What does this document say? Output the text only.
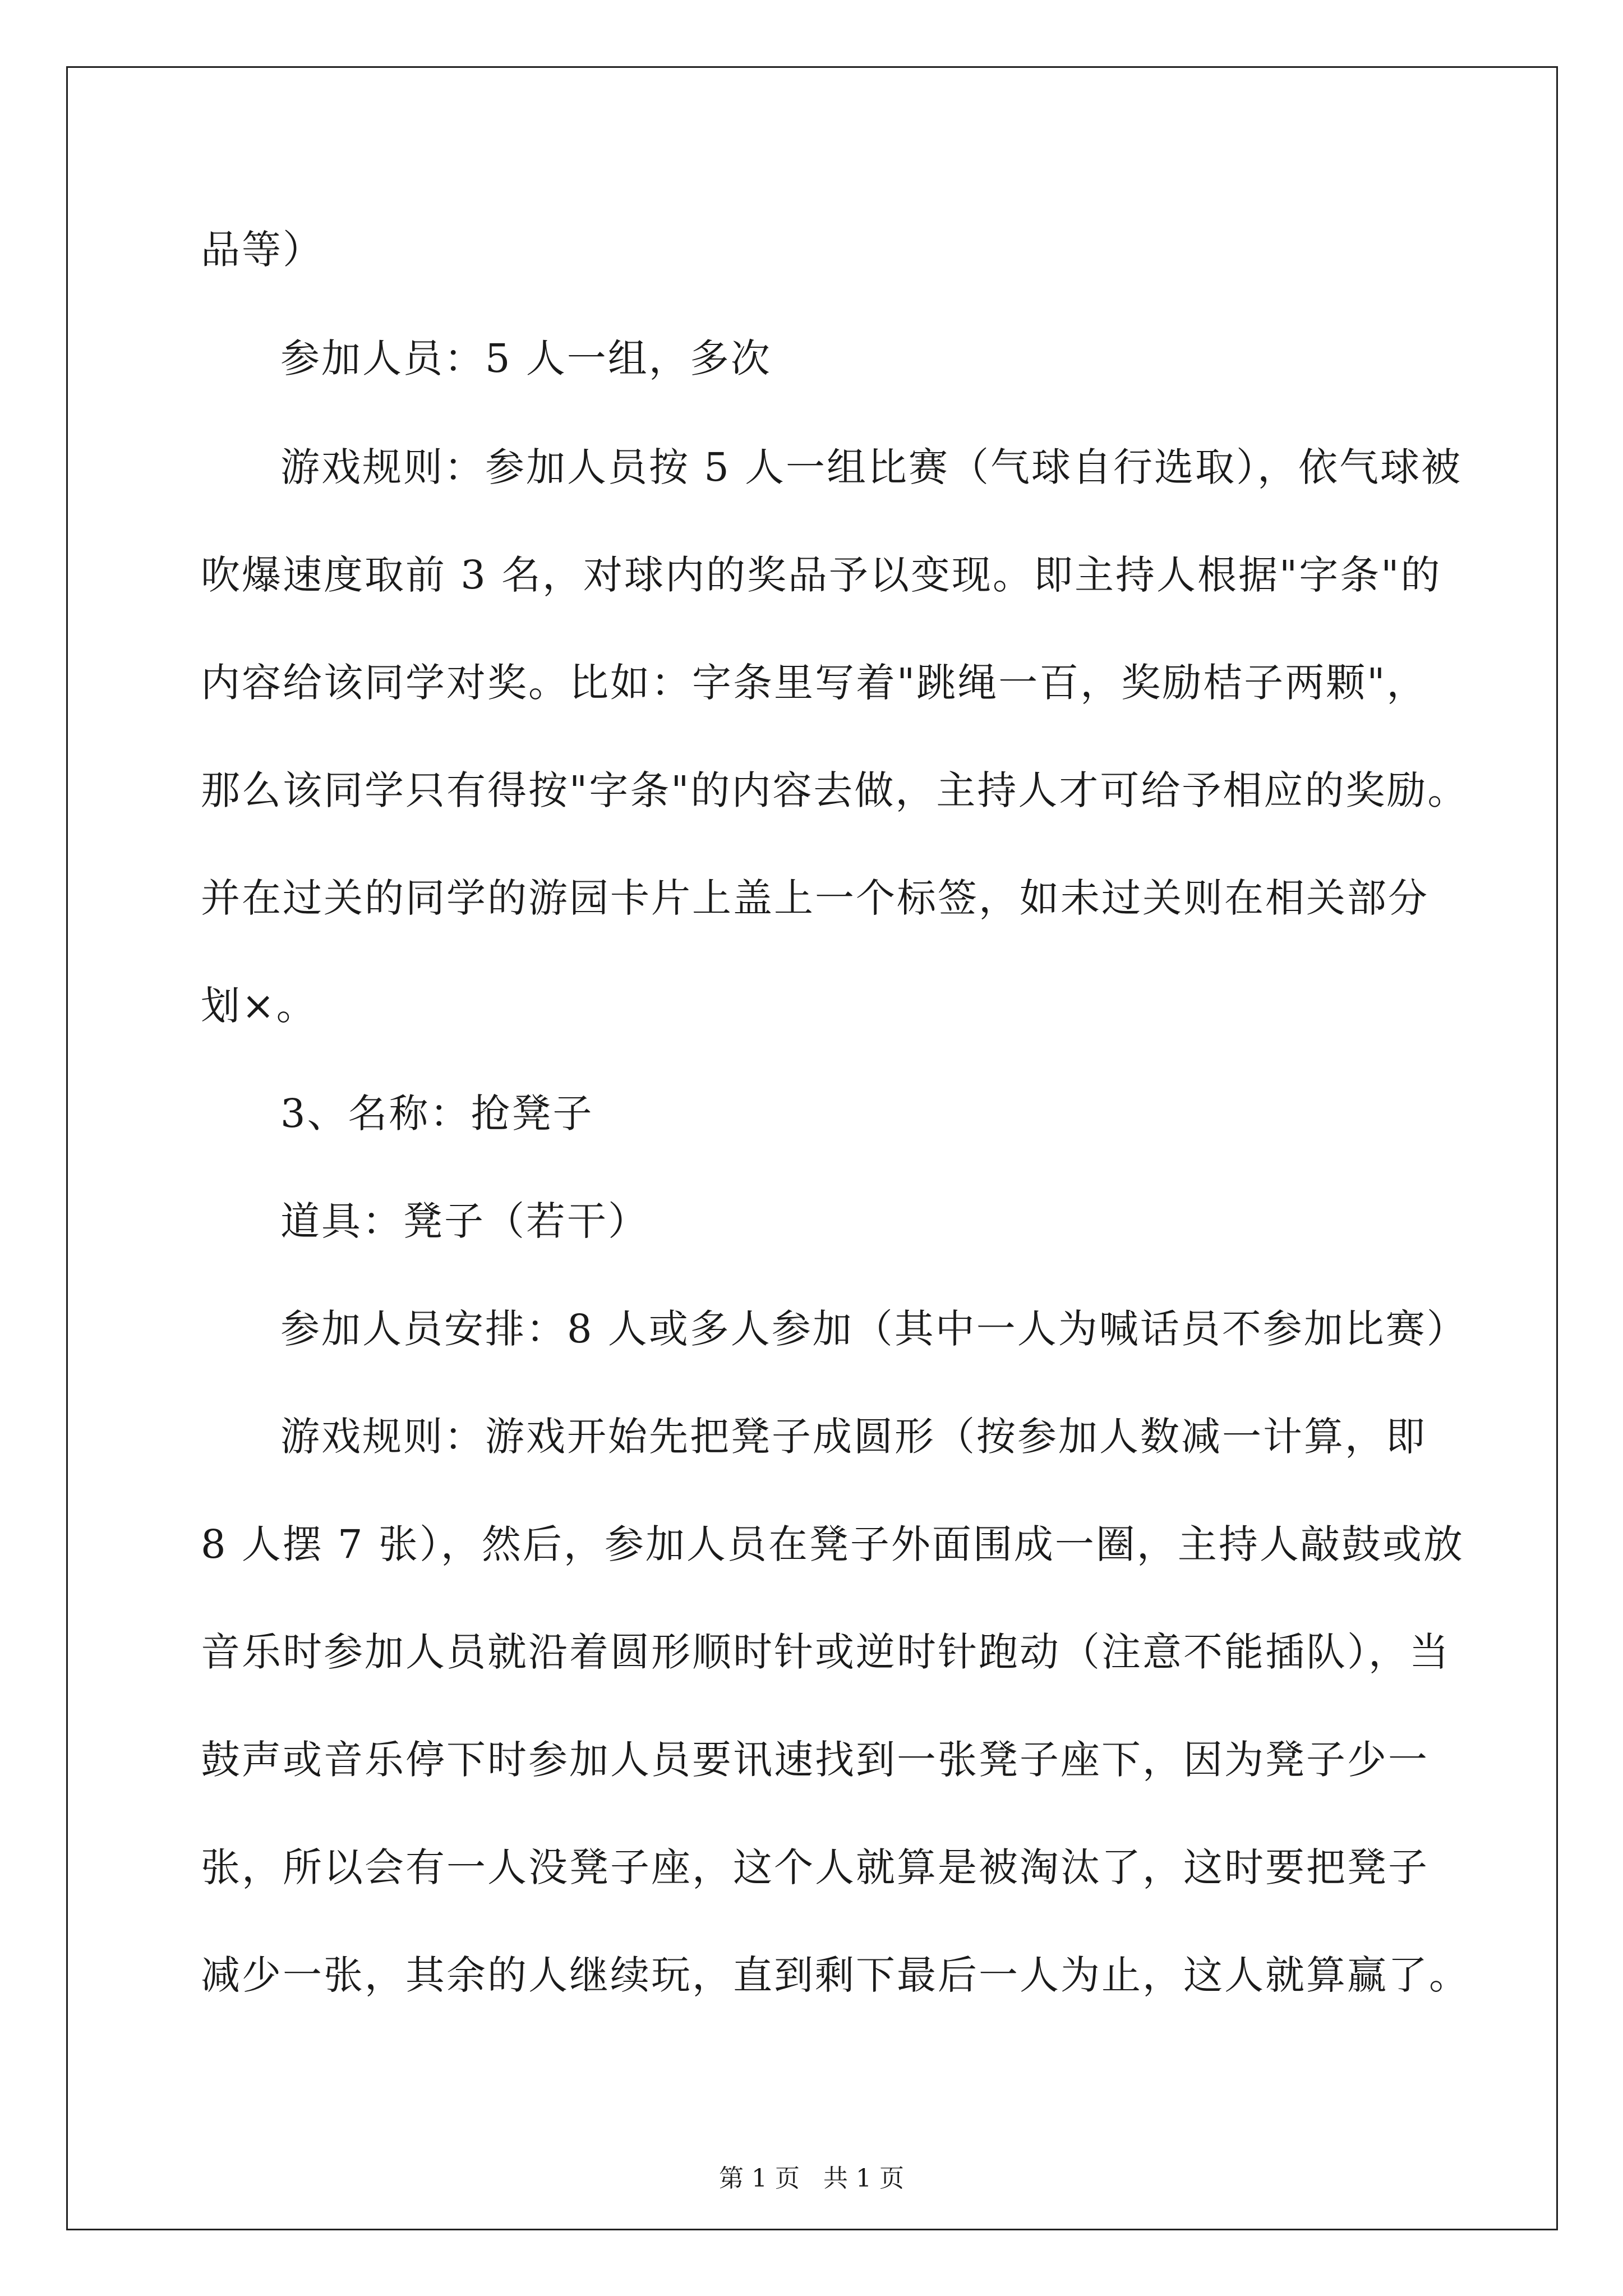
品等）
参加人员：5 人一组，多次
游戏规则：参加人员按 5 人一组比赛（气球自行选取），依气球被
吹爆速度取前 3 名，对球内的奖品予以变现。即主持人根据"字条"的
内容给该同学对奖。比如：字条里写着"跳绳一百，奖励桔子两颗"，
那么该同学只有得按"字条"的内容去做，主持人才可给予相应的奖励。
并在过关的同学的游园卡片上盖上一个标签，如未过关则在相关部分
划×。
3、名称：抢凳子
道具：凳子（若干）
参加人员安排：8 人或多人参加（其中一人为喊话员不参加比赛）
游戏规则：游戏开始先把凳子成圆形（按参加人数减一计算，即
8 人摆 7 张），然后，参加人员在凳子外面围成一圈，主持人敲鼓或放
音乐时参加人员就沿着圆形顺时针或逆时针跑动（注意不能插队），当
鼓声或音乐停下时参加人员要讯速找到一张凳子座下，因为凳子少一
张，所以会有一人没凳子座，这个人就算是被淘汰了，这时要把凳子
减少一张，其余的人继续玩，直到剩下最后一人为止，这人就算赢了。
第 1 页   共 1 页
